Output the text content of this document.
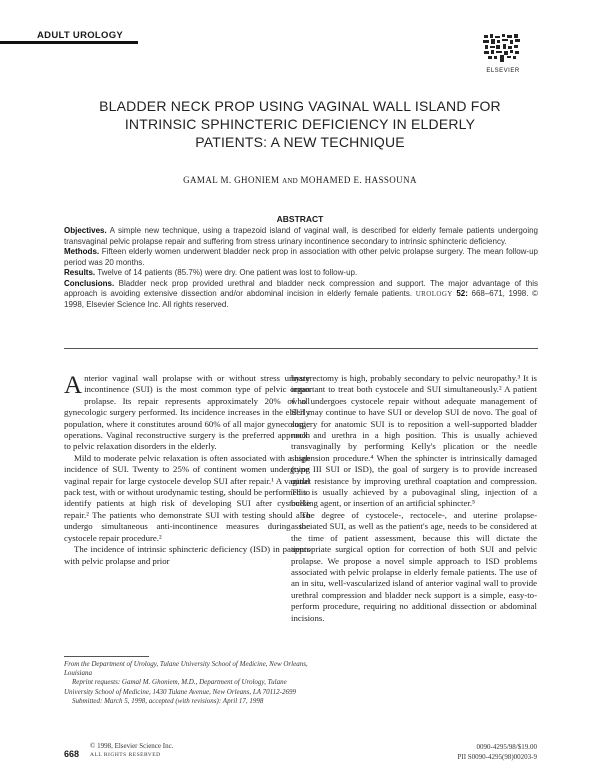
ADULT UROLOGY
ELSEVIER
BLADDER NECK PROP USING VAGINAL WALL ISLAND FOR
INTRINSIC SPHINCTERIC DEFICIENCY IN ELDERLY
PATIENTS: A NEW TECHNIQUE
GAMAL M. GHONIEM AND MOHAMED E. HASSOUNA
ABSTRACT

Objectives. A simple new technique, using a trapezoid island of vaginal wall, is described for elderly female patients undergoing transvaginal pelvic prolapse repair and suffering from stress urinary incontinence secondary to intrinsic sphincteric deficiency.

Methods. Fifteen elderly women underwent bladder neck prop in association with other pelvic prolapse surgery. The mean follow-up period was 20 months.

Results. Twelve of 14 patients (85.7%) were dry. One patient was lost to follow-up.

Conclusions. Bladder neck prop provided urethral and bladder neck compression and support. The major advantage of this approach is avoiding extensive dissection and/or abdominal incision in elderly female patients. UROLOGY 52: 668–671, 1998. © 1998, Elsevier Science Inc. All rights reserved.

Anterior vaginal wall prolapse with or without stress urinary incontinence (SUI) is the most common type of pelvic organ prolapse. Its repair represents approximately 20% of all gynecologic surgery performed. Its incidence increases in the elderly population, where it constitutes around 60% of all major gynecologic operations. Vaginal reconstructive surgery is the preferred approach to pelvic relaxation disorders in the elderly.

Mild to moderate pelvic relaxation is often associated with a high incidence of SUI. Twenty to 25% of continent women undergoing vaginal repair for large cystocele develop SUI after repair.¹ A vaginal pack test, with or without urodynamic testing, should be performed to identify patients at high risk of developing SUI after cystocele repair.² The patients who demonstrate SUI with testing should also undergo simultaneous anti-incontinence measures during the cystocele repair procedure.²

The incidence of intrinsic sphincteric deficiency (ISD) in patients with pelvic prolapse and prior

hysterectomy is high, probably secondary to pelvic neuropathy.³ It is important to treat both cystocele and SUI simultaneously.² A patient who undergoes cystocele repair without adequate management of SUI may continue to have SUI or develop SUI de novo. The goal of surgery for anatomic SUI is to reposition a well-supported bladder neck and urethra in a high position. This is usually achieved transvaginally by performing Kelly's plication or the needle suspension procedure.⁴ When the sphincter is intrinsically damaged (type III SUI or ISD), the goal of surgery is to provide increased outlet resistance by improving urethral coaptation and compression. This is usually achieved by a pubovaginal sling, injection of a bulking agent, or insertion of an artificial sphincter.⁵

The degree of cystocele-, rectocele-, and uterine prolapse-associated SUI, as well as the patient's age, needs to be considered at the time of patient assessment, because this will dictate the appropriate surgical option for correction of both SUI and pelvic prolapse. We propose a novel simple approach to ISD problems associated with pelvic prolapse in elderly female patients. The use of an in situ, well-vascularized island of anterior vaginal wall to provide urethral compression and bladder neck support is a simple, easy-to-perform procedure, requiring no additional dissection or abdominal incisions.

From the Department of Urology, Tulane University School of Medicine, New Orleans, Louisiana

Reprint requests: Gamal M. Ghoniem, M.D., Department of Urology, Tulane University School of Medicine, 1430 Tulane Avenue, New Orleans, LA 70112-2699

Submitted: March 5, 1998, accepted (with revisions): April 17, 1998

668
© 1998, Elsevier Science Inc.
ALL RIGHTS RESERVED
0090-4295/98/$19.00
PII S0090-4295(98)00203-9
